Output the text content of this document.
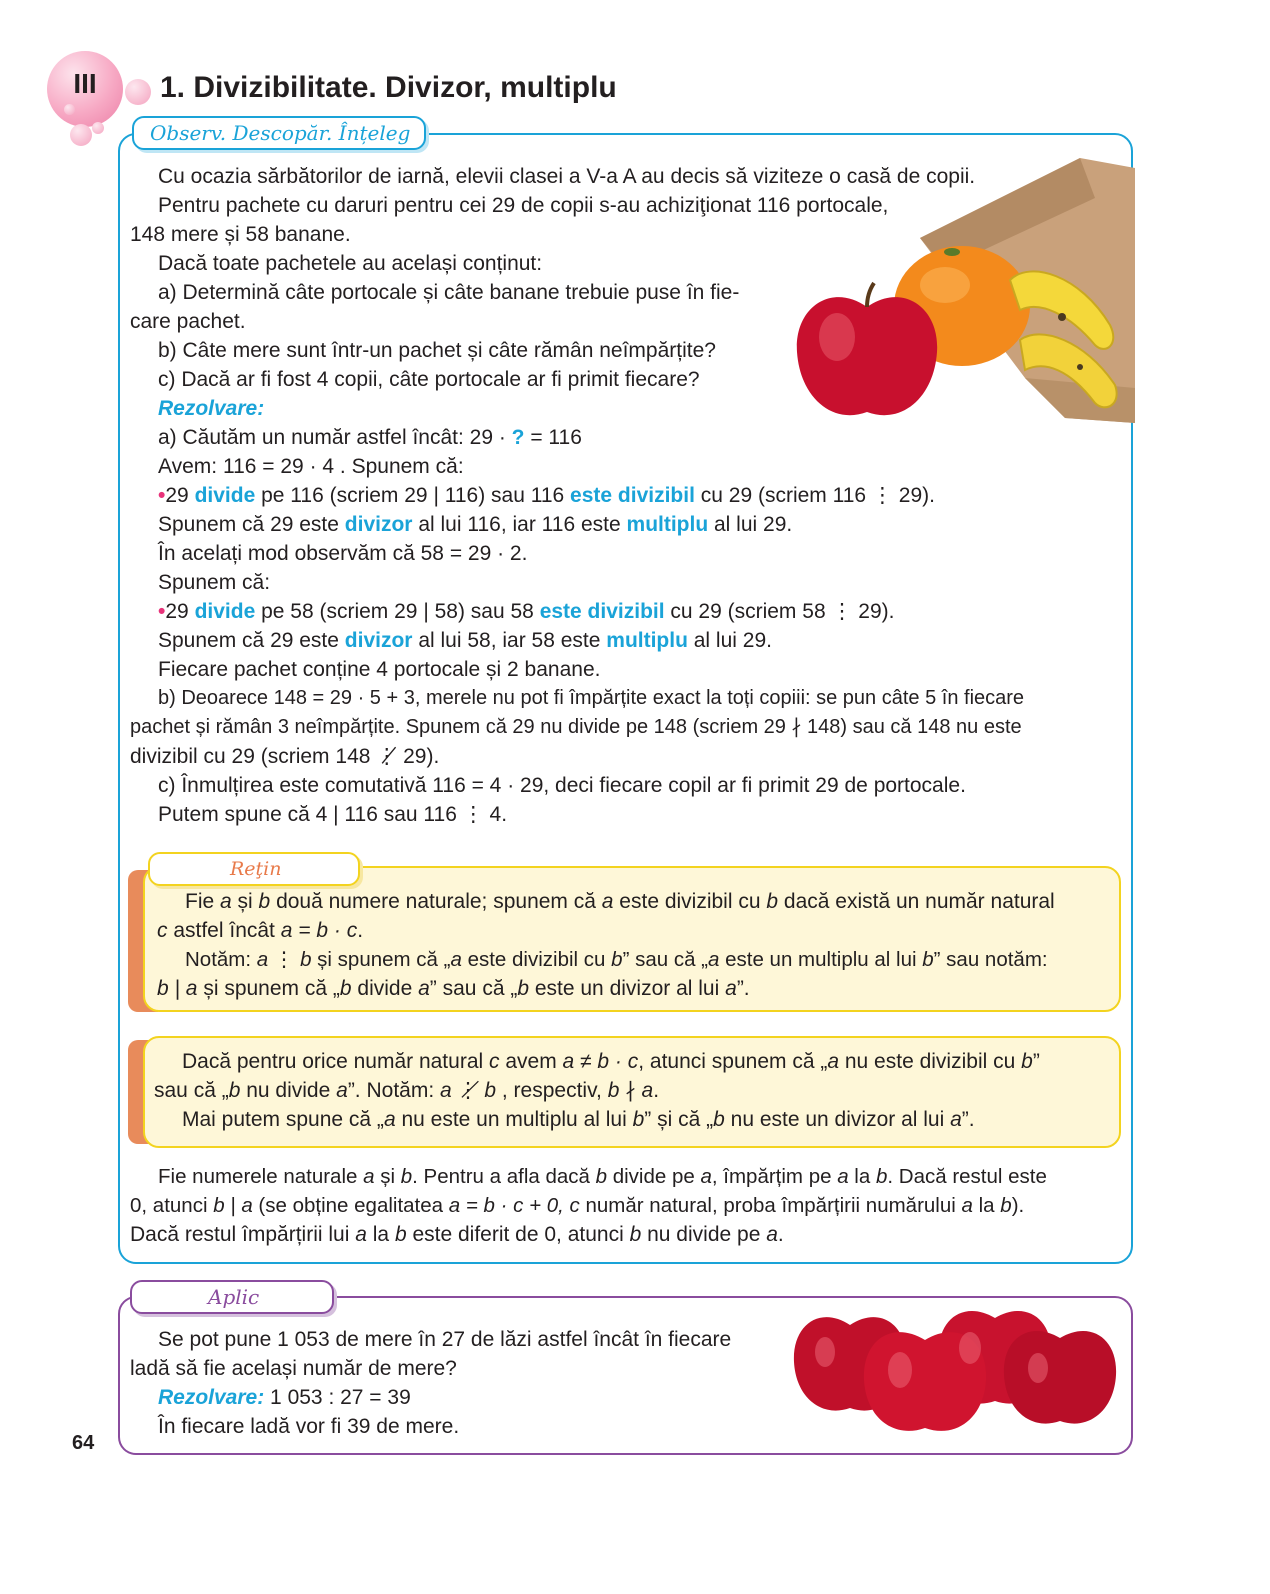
III	1. Divizibilitate. Divizor, multiplu
Observ. Descopăr. Înțeleg
Cu ocazia sărbătorilor de iarnă, elevii clasei a V-a A au decis să viziteze o casă de copii.
Pentru pachete cu daruri pentru cei 29 de copii s-au achiziţionat 116 portocale,
148 mere și 58 banane.
Dacă toate pachetele au același conținut:
a) Determină câte portocale și câte banane trebuie puse în fie-
care pachet.
b) Câte mere sunt într-un pachet și câte rămân neîmpărțite?
c) Dacă ar fi fost 4 copii, câte portocale ar fi primit fiecare?
Rezolvare:
a) Căutăm un număr astfel încât: 29 · ? = 116
Avem: 116 = 29 · 4 . Spunem că:
•29 divide pe 116 (scriem 29 | 116) sau 116 este divizibil cu 29 (scriem 116 ⋮ 29).
Spunem că 29 este divizor al lui 116, iar 116 este multiplu al lui 29.
În acelați mod observăm că 58 = 29 · 2.
Spunem că:
•29 divide pe 58 (scriem 29 | 58) sau 58 este divizibil cu 29 (scriem 58 ⋮ 29).
Spunem că 29 este divizor al lui 58, iar 58 este multiplu al lui 29.
Fiecare pachet conține 4 portocale și 2 banane.
b) Deoarece 148 = 29 · 5 + 3, merele nu pot fi împărțite exact la toți copiii: se pun câte 5 în fiecare
pachet și rămân 3 neîmpărțite. Spunem că 29 nu divide pe 148 (scriem 29 ∤ 148) sau că 148 nu este
divizibil cu 29 (scriem 148 ⋮̸ 29).
c) Înmulțirea este comutativă 116 = 4 · 29, deci fiecare copil ar fi primit 29 de portocale.
Putem spune că 4 | 116 sau 116 ⋮ 4.
Reţin
Fie a și b două numere naturale; spunem că a este divizibil cu b dacă există un număr natural
c astfel încât a = b · c.
Notăm: a ⋮ b și spunem că „a este divizibil cu b” sau că „a este un multiplu al lui b” sau notăm:
b | a și spunem că „b divide a” sau că „b este un divizor al lui a”.
Dacă pentru orice număr natural c avem a ≠ b · c, atunci spunem că „a nu este divizibil cu b”
sau că „b nu divide a”. Notăm: a ⋮̸ b , respectiv, b ∤ a.
Mai putem spune că „a nu este un multiplu al lui b” și că „b nu este un divizor al lui a”.
Fie numerele naturale a și b. Pentru a afla dacă b divide pe a, împărțim pe a la b. Dacă restul este
0, atunci b | a (se obține egalitatea a = b · c + 0, c număr natural, proba împărțirii numărului a la b).
Dacă restul împărțirii lui a la b este diferit de 0, atunci b nu divide pe a.
Aplic
Se pot pune 1 053 de mere în 27 de lăzi astfel încât în fiecare
ladă să fie același număr de mere?
Rezolvare: 1 053 : 27 = 39
În fiecare ladă vor fi 39 de mere.
64
